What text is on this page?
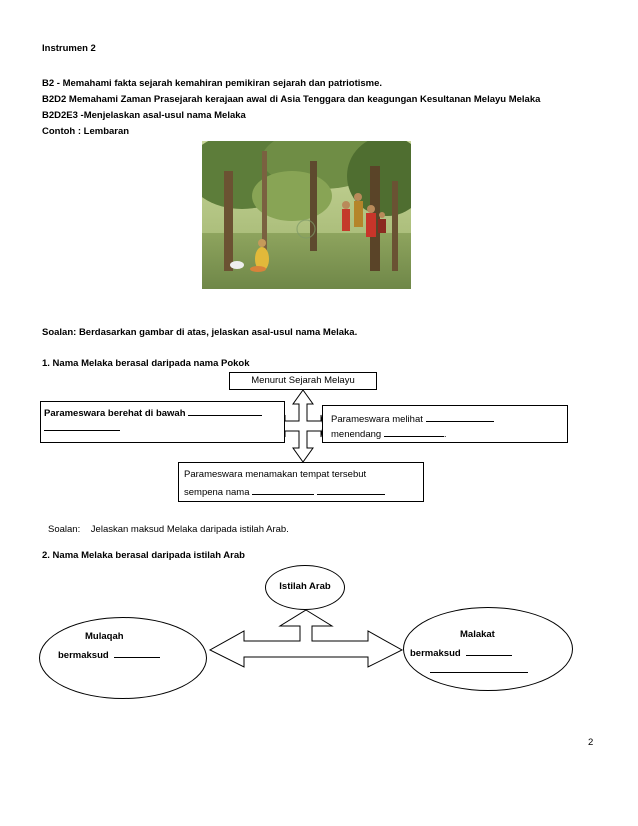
Instrumen 2
B2 - Memahami fakta sejarah kemahiran pemikiran sejarah dan patriotisme.
B2D2 Memahami Zaman Prasejarah kerajaan awal di Asia Tenggara dan keagungan Kesultanan Melayu Melaka
B2D2E3 -Menjelaskan asal-usul nama Melaka
Contoh : Lembaran
Soalan: Berdasarkan gambar di atas, jelaskan asal-usul nama Melaka.
1. Nama Melaka berasal daripada nama Pokok
Menurut Sejarah Melayu
Parameswara berehat di bawah
Parameswara melihat
menendang	.
Parameswara menamakan tempat tersebut
sempena nama
Soalan: Jelaskan maksud Melaka daripada istilah Arab.
2. Nama Melaka berasal daripada istilah Arab
Istilah Arab
Mulaqah
bermaksud
Malakat
bermaksud
2
